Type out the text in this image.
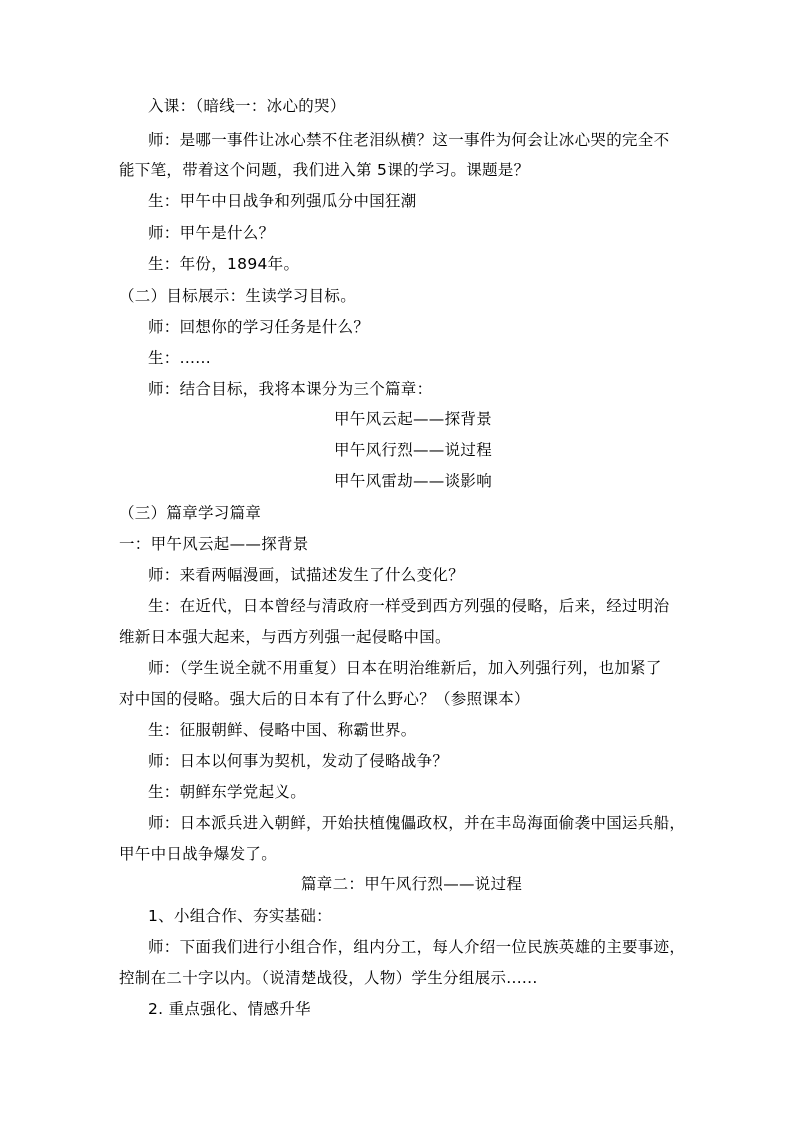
入课：（暗线一：冰心的哭）
师：是哪一事件让冰心禁不住老泪纵横？这一事件为何会让冰心哭的完全不
能下笔，带着这个问题，我们进入第 5课的学习。课题是？
生：甲午中日战争和列强瓜分中国狂潮
师：甲午是什么？
生：年份，1894年。
（二）目标展示：生读学习目标。
师：回想你的学习任务是什么？
生：......
师：结合目标，我将本课分为三个篇章：
甲午风云起——探背景
甲午风行烈——说过程
甲午风雷劫——谈影响
（三）篇章学习篇章
一：甲午风云起——探背景
师：来看两幅漫画，试描述发生了什么变化？
生：在近代，日本曾经与清政府一样受到西方列强的侵略，后来，经过明治
维新日本强大起来，与西方列强一起侵略中国。
师：（学生说全就不用重复）日本在明治维新后，加入列强行列，也加紧了
对中国的侵略。强大后的日本有了什么野心？（参照课本）
生：征服朝鲜、侵略中国、称霸世界。
师：日本以何事为契机，发动了侵略战争？
生：朝鲜东学党起义。
师：日本派兵进入朝鲜，开始扶植傀儡政权，并在丰岛海面偷袭中国运兵船，
甲午中日战争爆发了。
篇章二：甲午风行烈——说过程
1、小组合作、夯实基础：
师：下面我们进行小组合作，组内分工，每人介绍一位民族英雄的主要事迹，
控制在二十字以内。（说清楚战役，人物）学生分组展示......
2. 重点强化、情感升华
